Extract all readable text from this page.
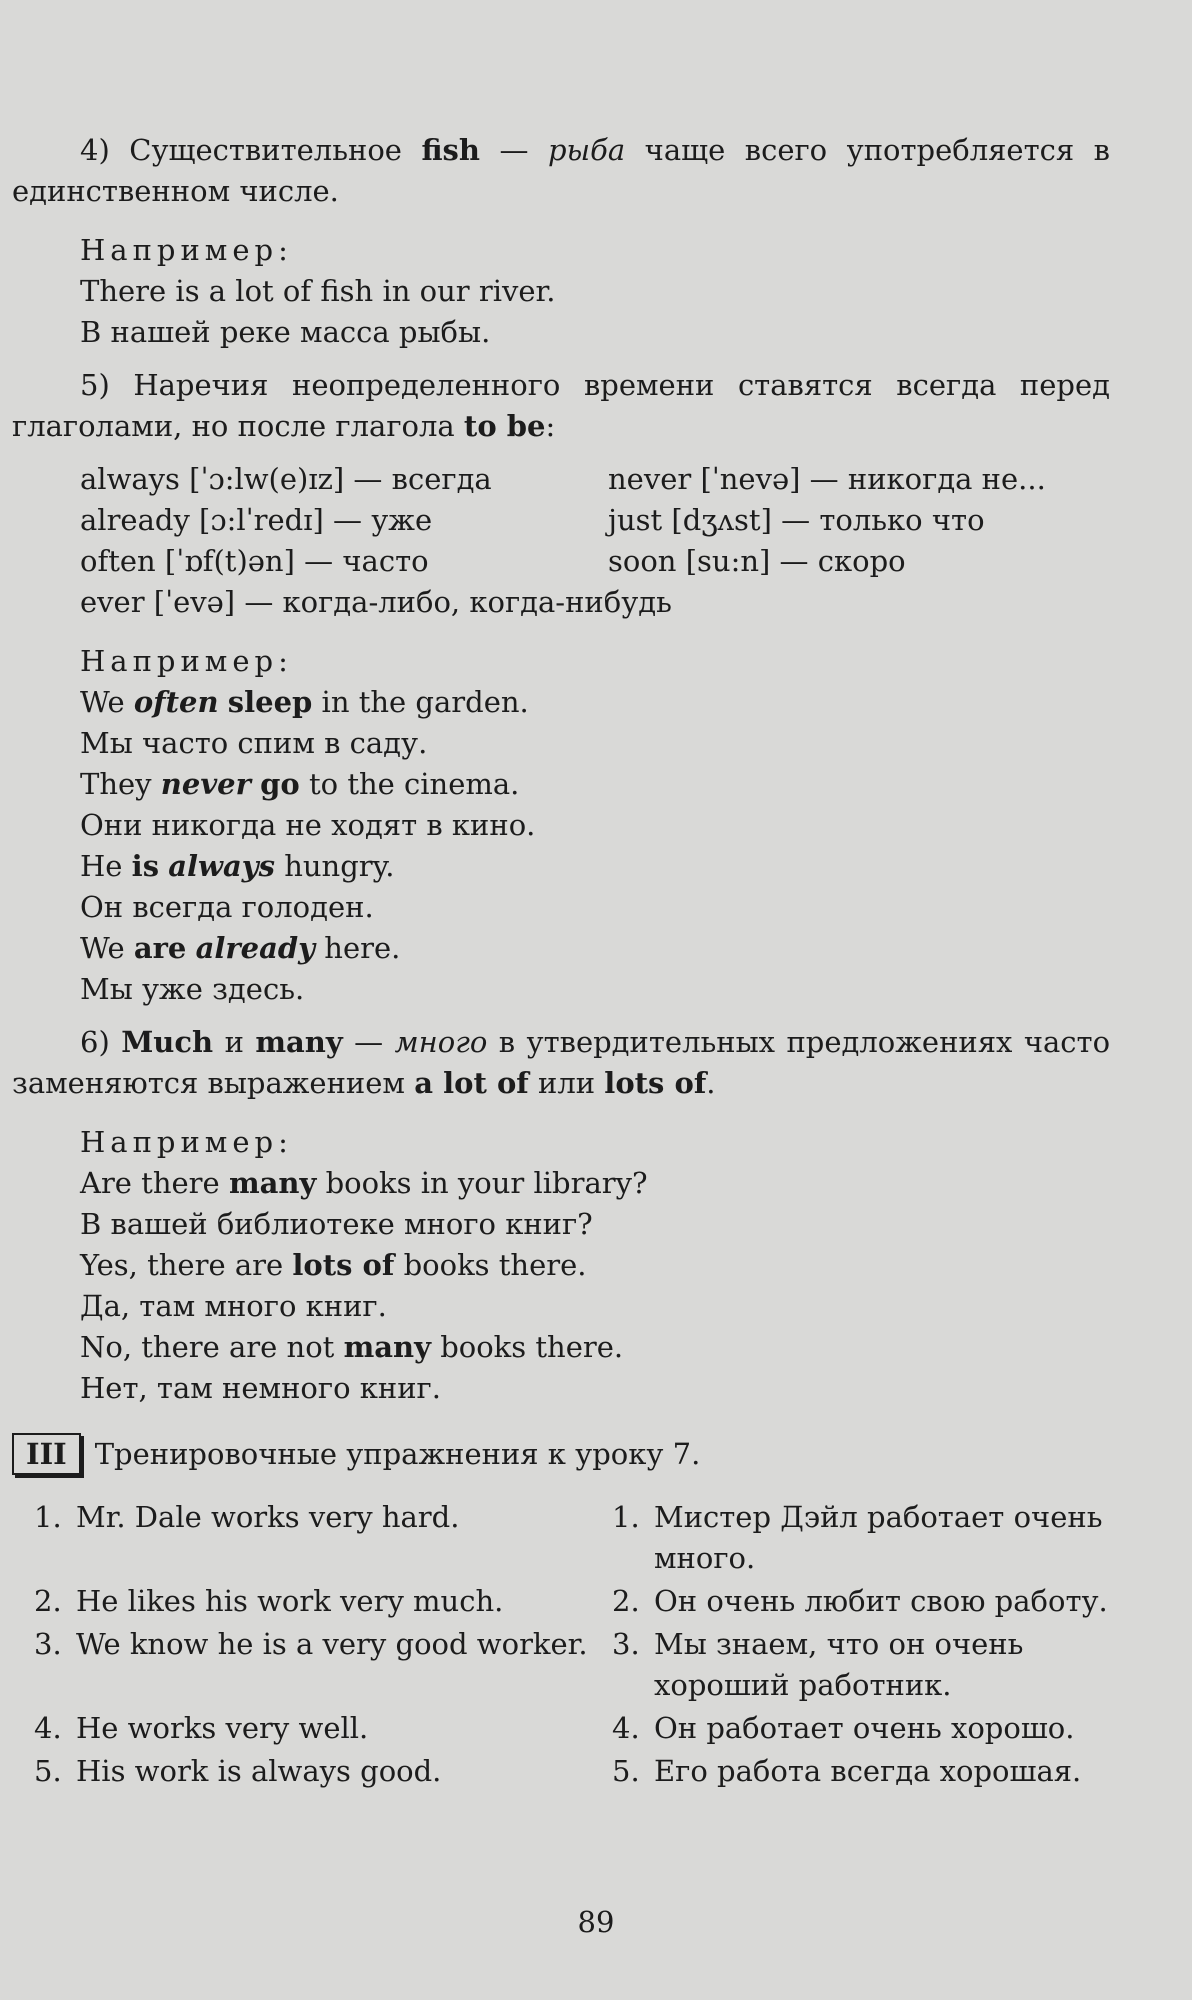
4) Существительное fish — рыба чаще всего употребляется в единственном числе.

Например:

There is a lot of fish in our river.

В нашей реке масса рыбы.

5) Наречия неопределенного времени ставятся всегда перед глаголами, но после глагола to be:

always [ˈɔ:lw(e)ɪz] — всегда	never [ˈnevə] — никогда не...
already [ɔ:lˈredɪ] — уже	just [dʒʌst] — только что
often [ˈɒf(t)ən] — часто	soon [su:n] — скоро
ever [ˈevə] — когда-либо, когда-нибудь

Например:

We often sleep in the garden.

Мы часто спим в саду.

They never go to the cinema.

Они никогда не ходят в кино.

He is always hungry.

Он всегда голоден.

We are already here.

Мы уже здесь.

6) Much и many — много в утвердительных предложениях часто заменяются выражением a lot of или lots of.

Например:

Are there many books in your library?

В вашей библиотеке много книг?

Yes, there are lots of books there.

Да, там много книг.

No, there are not many books there.

Нет, там немного книг.

III Тренировочные упражнения к уроку 7.
1. Mr. Dale works very hard.	1. Мистер Дэйл работает очень много.
2. He likes his work very much.	2. Он очень любит свою работу.
3. We know he is a very good worker. 3. Мы знаем, что он очень хороший работник.
4. He works very well.	4. Он работает очень хорошо.
5. His work is always good.	5. Его работа всегда хорошая.
89
